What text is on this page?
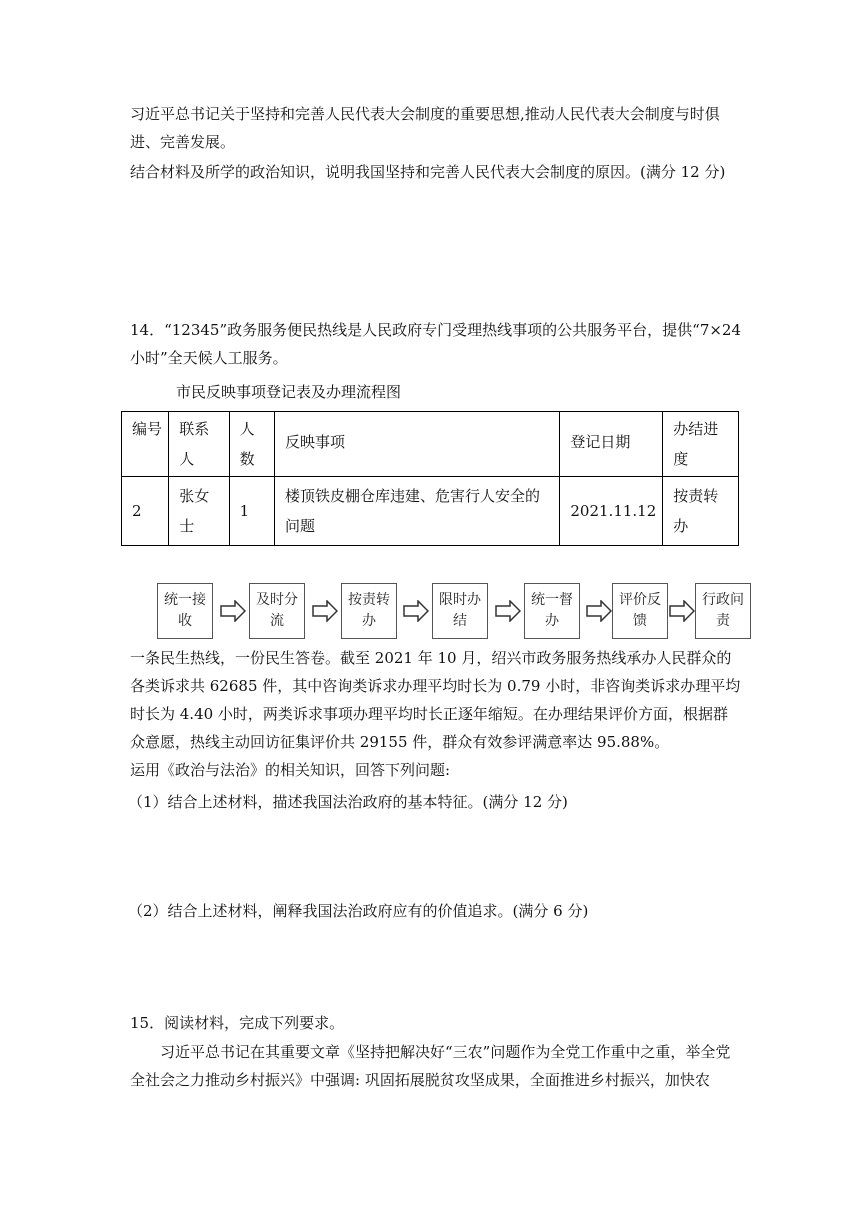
习近平总书记关于坚持和完善人民代表大会制度的重要思想,推动人民代表大会制度与时俱进、完善发展。
结合材料及所学的政治知识，说明我国坚持和完善人民代表大会制度的原因。(满分 12 分)
14．“12345”政务服务便民热线是人民政府专门受理热线事项的公共服务平台，提供“7×24 小时”全天候人工服务。
市民反映事项登记表及办理流程图
编号	联系人	人数	反映事项	登记日期	办结进度
2	张女士	1	楼顶铁皮棚仓库违建、危害行人安全的问题	2021.11.12	按责转办
统一接收
及时分流
按责转办
限时办结
统一督办
评价反馈
行政问责
一条民生热线，一份民生答卷。截至 2021 年 10 月，绍兴市政务服务热线承办人民群众的各类诉求共 62685 件，其中咨询类诉求办理平均时长为 0.79 小时，非咨询类诉求办理平均时长为 4.40 小时，两类诉求事项办理平均时长正逐年缩短。在办理结果评价方面，根据群众意愿，热线主动回访征集评价共 29155 件，群众有效参评满意率达 95.88%。
运用《政治与法治》的相关知识，回答下列问题:
（1）结合上述材料，描述我国法治政府的基本特征。(满分 12 分)
（2）结合上述材料，阐释我国法治政府应有的价值追求。(满分 6 分)
15．阅读材料，完成下列要求。
习近平总书记在其重要文章《坚持把解决好“三农”问题作为全党工作重中之重，举全党全社会之力推动乡村振兴》中强调: 巩固拓展脱贫攻坚成果，全面推进乡村振兴，加快农
